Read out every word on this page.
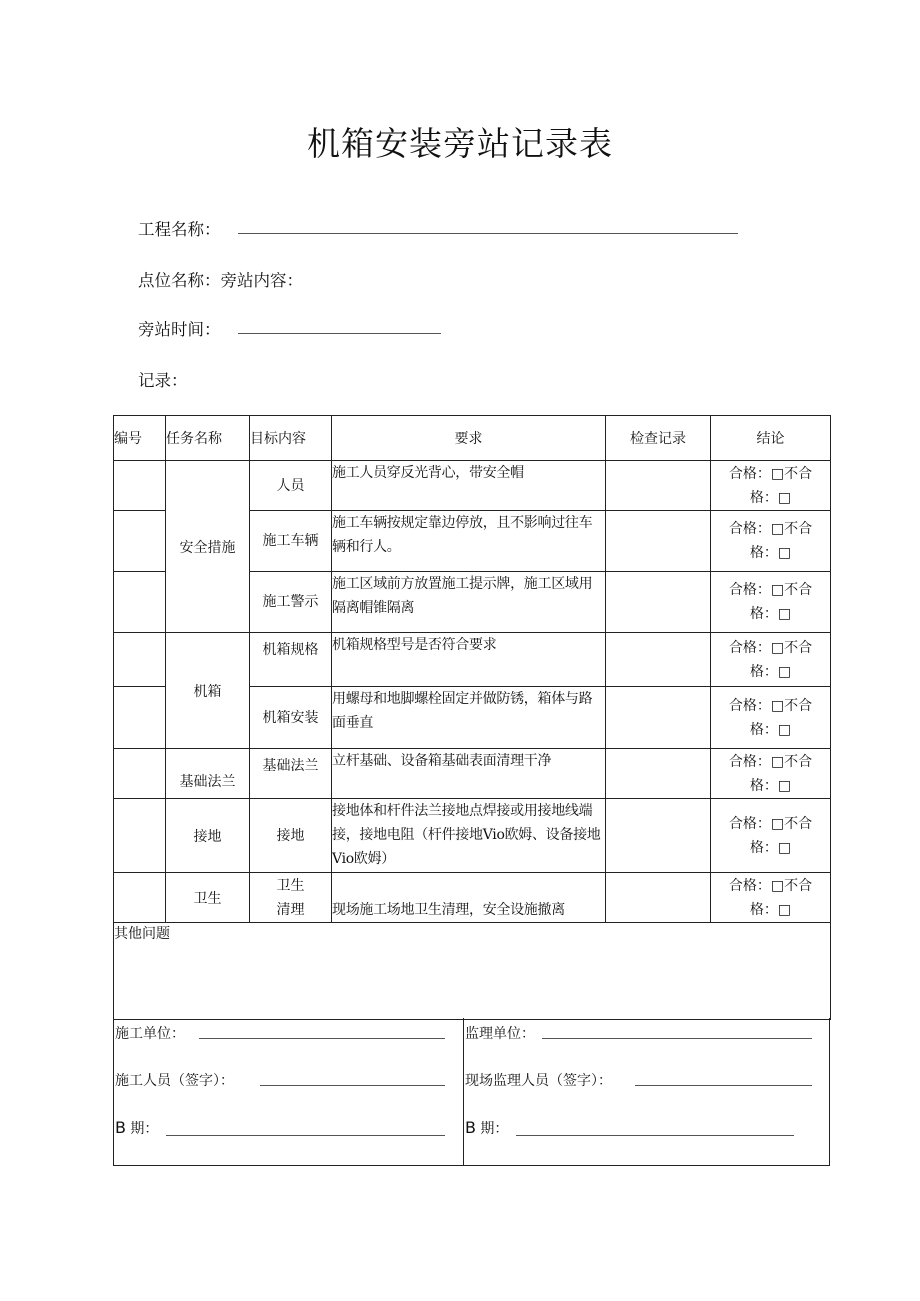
机箱安装旁站记录表
工程名称：
点位名称：旁站内容：
旁站时间：
记录：
编号	任务名称	目标内容	要求	检查记录	结论
	安全措施	人员	施工人员穿反光背心，带安全帽		合格：□不合
格：□
		施工车辆	施工车辆按规定靠边停放，且不影响过往车辆和行人。		合格：□不合
格：□
		施工警示	施工区域前方放置施工提示牌，施工区域用隔离帽锥隔离		合格：□不合
格：□
	机箱	机箱规格	机箱规格型号是否符合要求		合格：□不合
格：□
		机箱安装	用螺母和地脚螺栓固定并做防锈，箱体与路面垂直		合格：□不合
格：□
	基础法兰	基础法兰	立杆基础、设备箱基础表面清理干净		合格：□不合
格：□
	接地	接地	接地体和杆件法兰接地点焊接或用接地线端接，接地电阻（杆件接地Vio欧姆、设备接地Vio欧姆）		合格：□不合
格：□
	卫生	卫生
清理	现场施工场地卫生清理，安全设施撤离		合格：□不合
格：□
其他问题					
施工单位：
施工人员（签字）：
B 期：
监理单位：
现场监理人员（签字）：
B 期：
